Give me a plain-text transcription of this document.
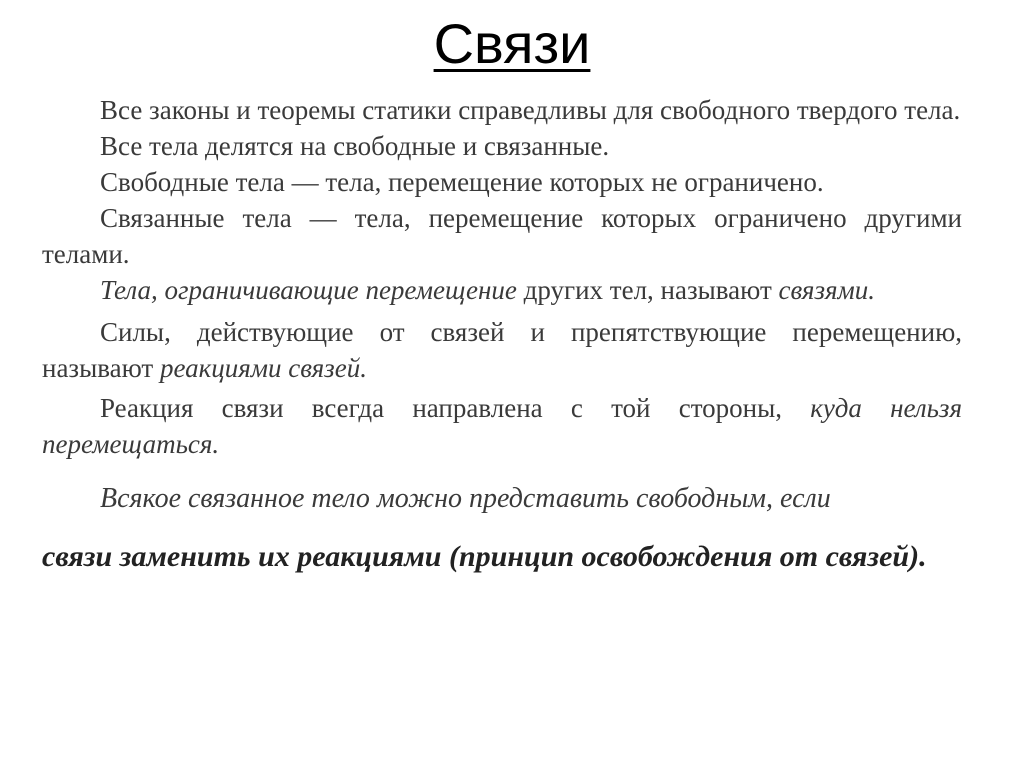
Связи

Все законы и теоремы статики справедливы для свободного твердого тела.

Все тела делятся на свободные и связанные.

Свободные тела — тела, перемещение которых не ограничено.

Связанные тела — тела, перемещение которых ограничено другими телами.

Тела, ограничивающие перемещение других тел, называют связями.

Силы, действующие от связей и препятствующие перемещению, называют реакциями связей.

Реакция связи всегда направлена с той стороны, куда нельзя перемещаться.

Всякое связанное тело можно представить свободным, если
связи заменить их реакциями (принцип освобождения от связей).
